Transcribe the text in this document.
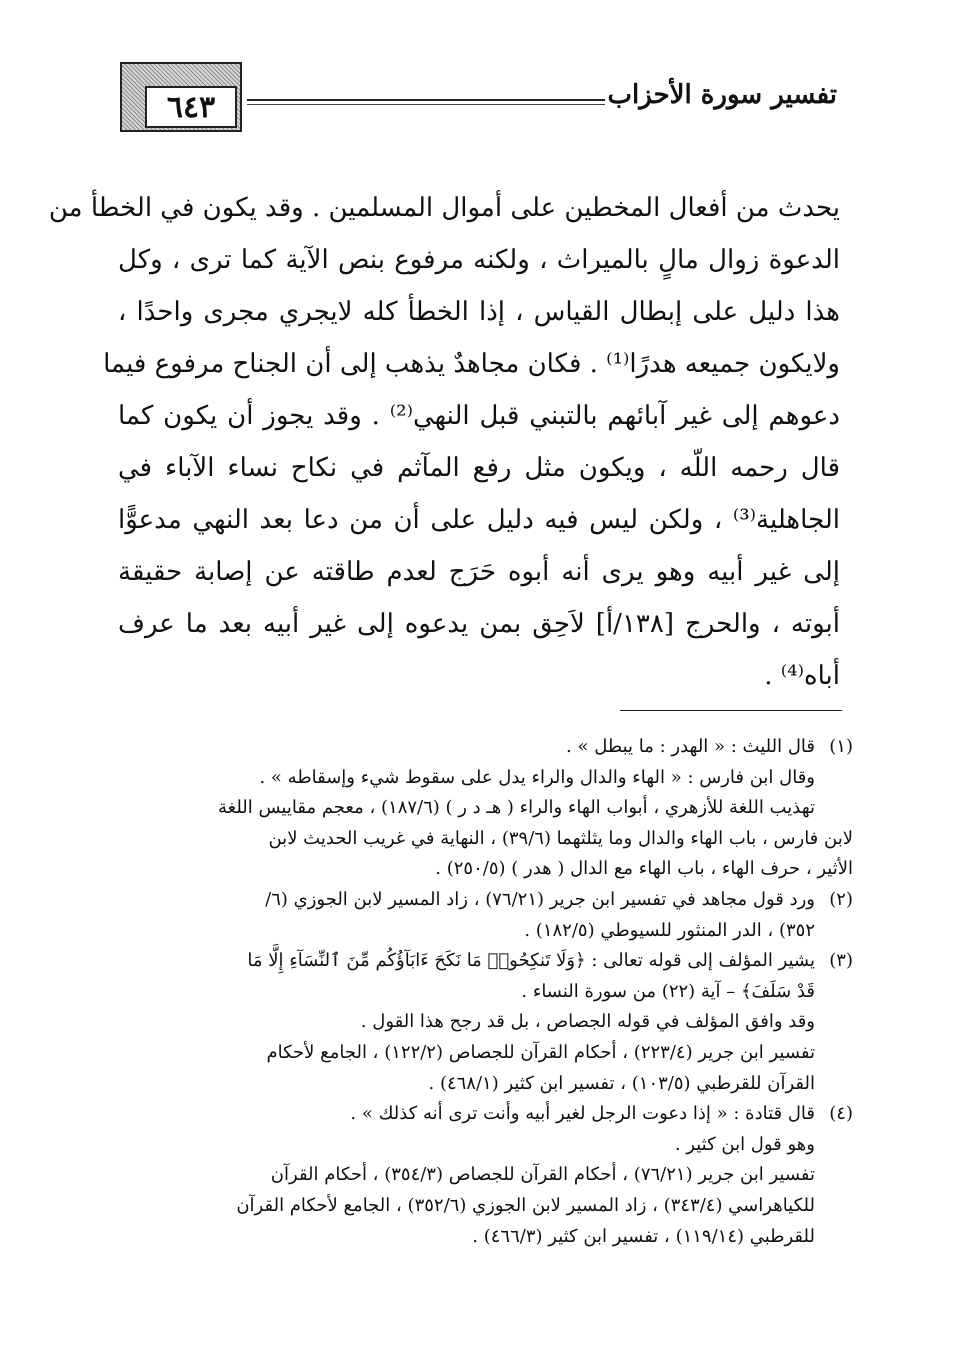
٦٤٣	تفسير سورة الأحزاب
يحدث من أفعال المخطين على أموال المسلمين . وقد يكون في الخطأ من
الدعوة زوال مالٍ بالميراث ، ولكنه مرفوع بنص الآية كما ترى ، وكل
هذا دليل على إبطال القياس ، إذا الخطأ كله لايجري مجرى واحدًا ،
ولايكون جميعه هدرًا⁽¹⁾ . فكان مجاهدٌ يذهب إلى أن الجناح مرفوع فيما
دعوهم إلى غير آبائهم بالتبني قبل النهي⁽²⁾ . وقد يجوز أن يكون كما
قال رحمه اللّه ، ويكون مثل رفع المآثم في نكاح نساء الآباء في
الجاهلية⁽³⁾ ، ولكن ليس فيه دليل على أن من دعا بعد النهي مدعوًّا
إلى غير أبيه وهو يرى أنه أبوه حَرَج لعدم طاقته عن إصابة حقيقة
أبوته ، والحرج [١٣٨/أ] لاَحِق بمن يدعوه إلى غير أبيه بعد ما عرف
أباه⁽⁴⁾ .
(١)قال الليث : « الهدر : ما يبطل » .
وقال ابن فارس : « الهاء والدال والراء يدل على سقوط شيء وإسقاطه » .
تهذيب اللغة للأزهري ، أبواب الهاء والراء ( هـ د ر ) (١٨٧/٦) ، معجم مقاييس اللغة
لابن فارس ، باب الهاء والدال وما يثلثهما (٣٩/٦) ، النهاية في غريب الحديث لابن
الأثير ، حرف الهاء ، باب الهاء مع الدال ( هدر ) (٢٥٠/٥) .
(٢)ورد قول مجاهد في تفسير ابن جرير (٧٦/٢١) ، زاد المسير لابن الجوزي (٦/
٣٥٢) ، الدر المنثور للسيوطي (١٨٢/٥) .
(٣)يشير المؤلف إلى قوله تعالى : ﴿وَلَا تَنكِحُوا۟ مَا نَكَحَ ءَابَآؤُكُم مِّنَ ٱلنِّسَآءِ إِلَّا مَا
قَدْ سَلَفَ﴾ – آية (٢٢) من سورة النساء .
وقد وافق المؤلف في قوله الجصاص ، بل قد رجح هذا القول .
تفسير ابن جرير (٢٢٣/٤) ، أحكام القرآن للجصاص (١٢٢/٢) ، الجامع لأحكام
القرآن للقرطبي (١٠٣/٥) ، تفسير ابن كثير (٤٦٨/١) .
(٤)قال قتادة : « إذا دعوت الرجل لغير أبيه وأنت ترى أنه كذلك » .
وهو قول ابن كثير .
تفسير ابن جرير (٧٦/٢١) ، أحكام القرآن للجصاص (٣٥٤/٣) ، أحكام القرآن
للكياهراسي (٣٤٣/٤) ، زاد المسير لابن الجوزي (٣٥٢/٦) ، الجامع لأحكام القرآن
للقرطبي (١١٩/١٤) ، تفسير ابن كثير (٤٦٦/٣) .
